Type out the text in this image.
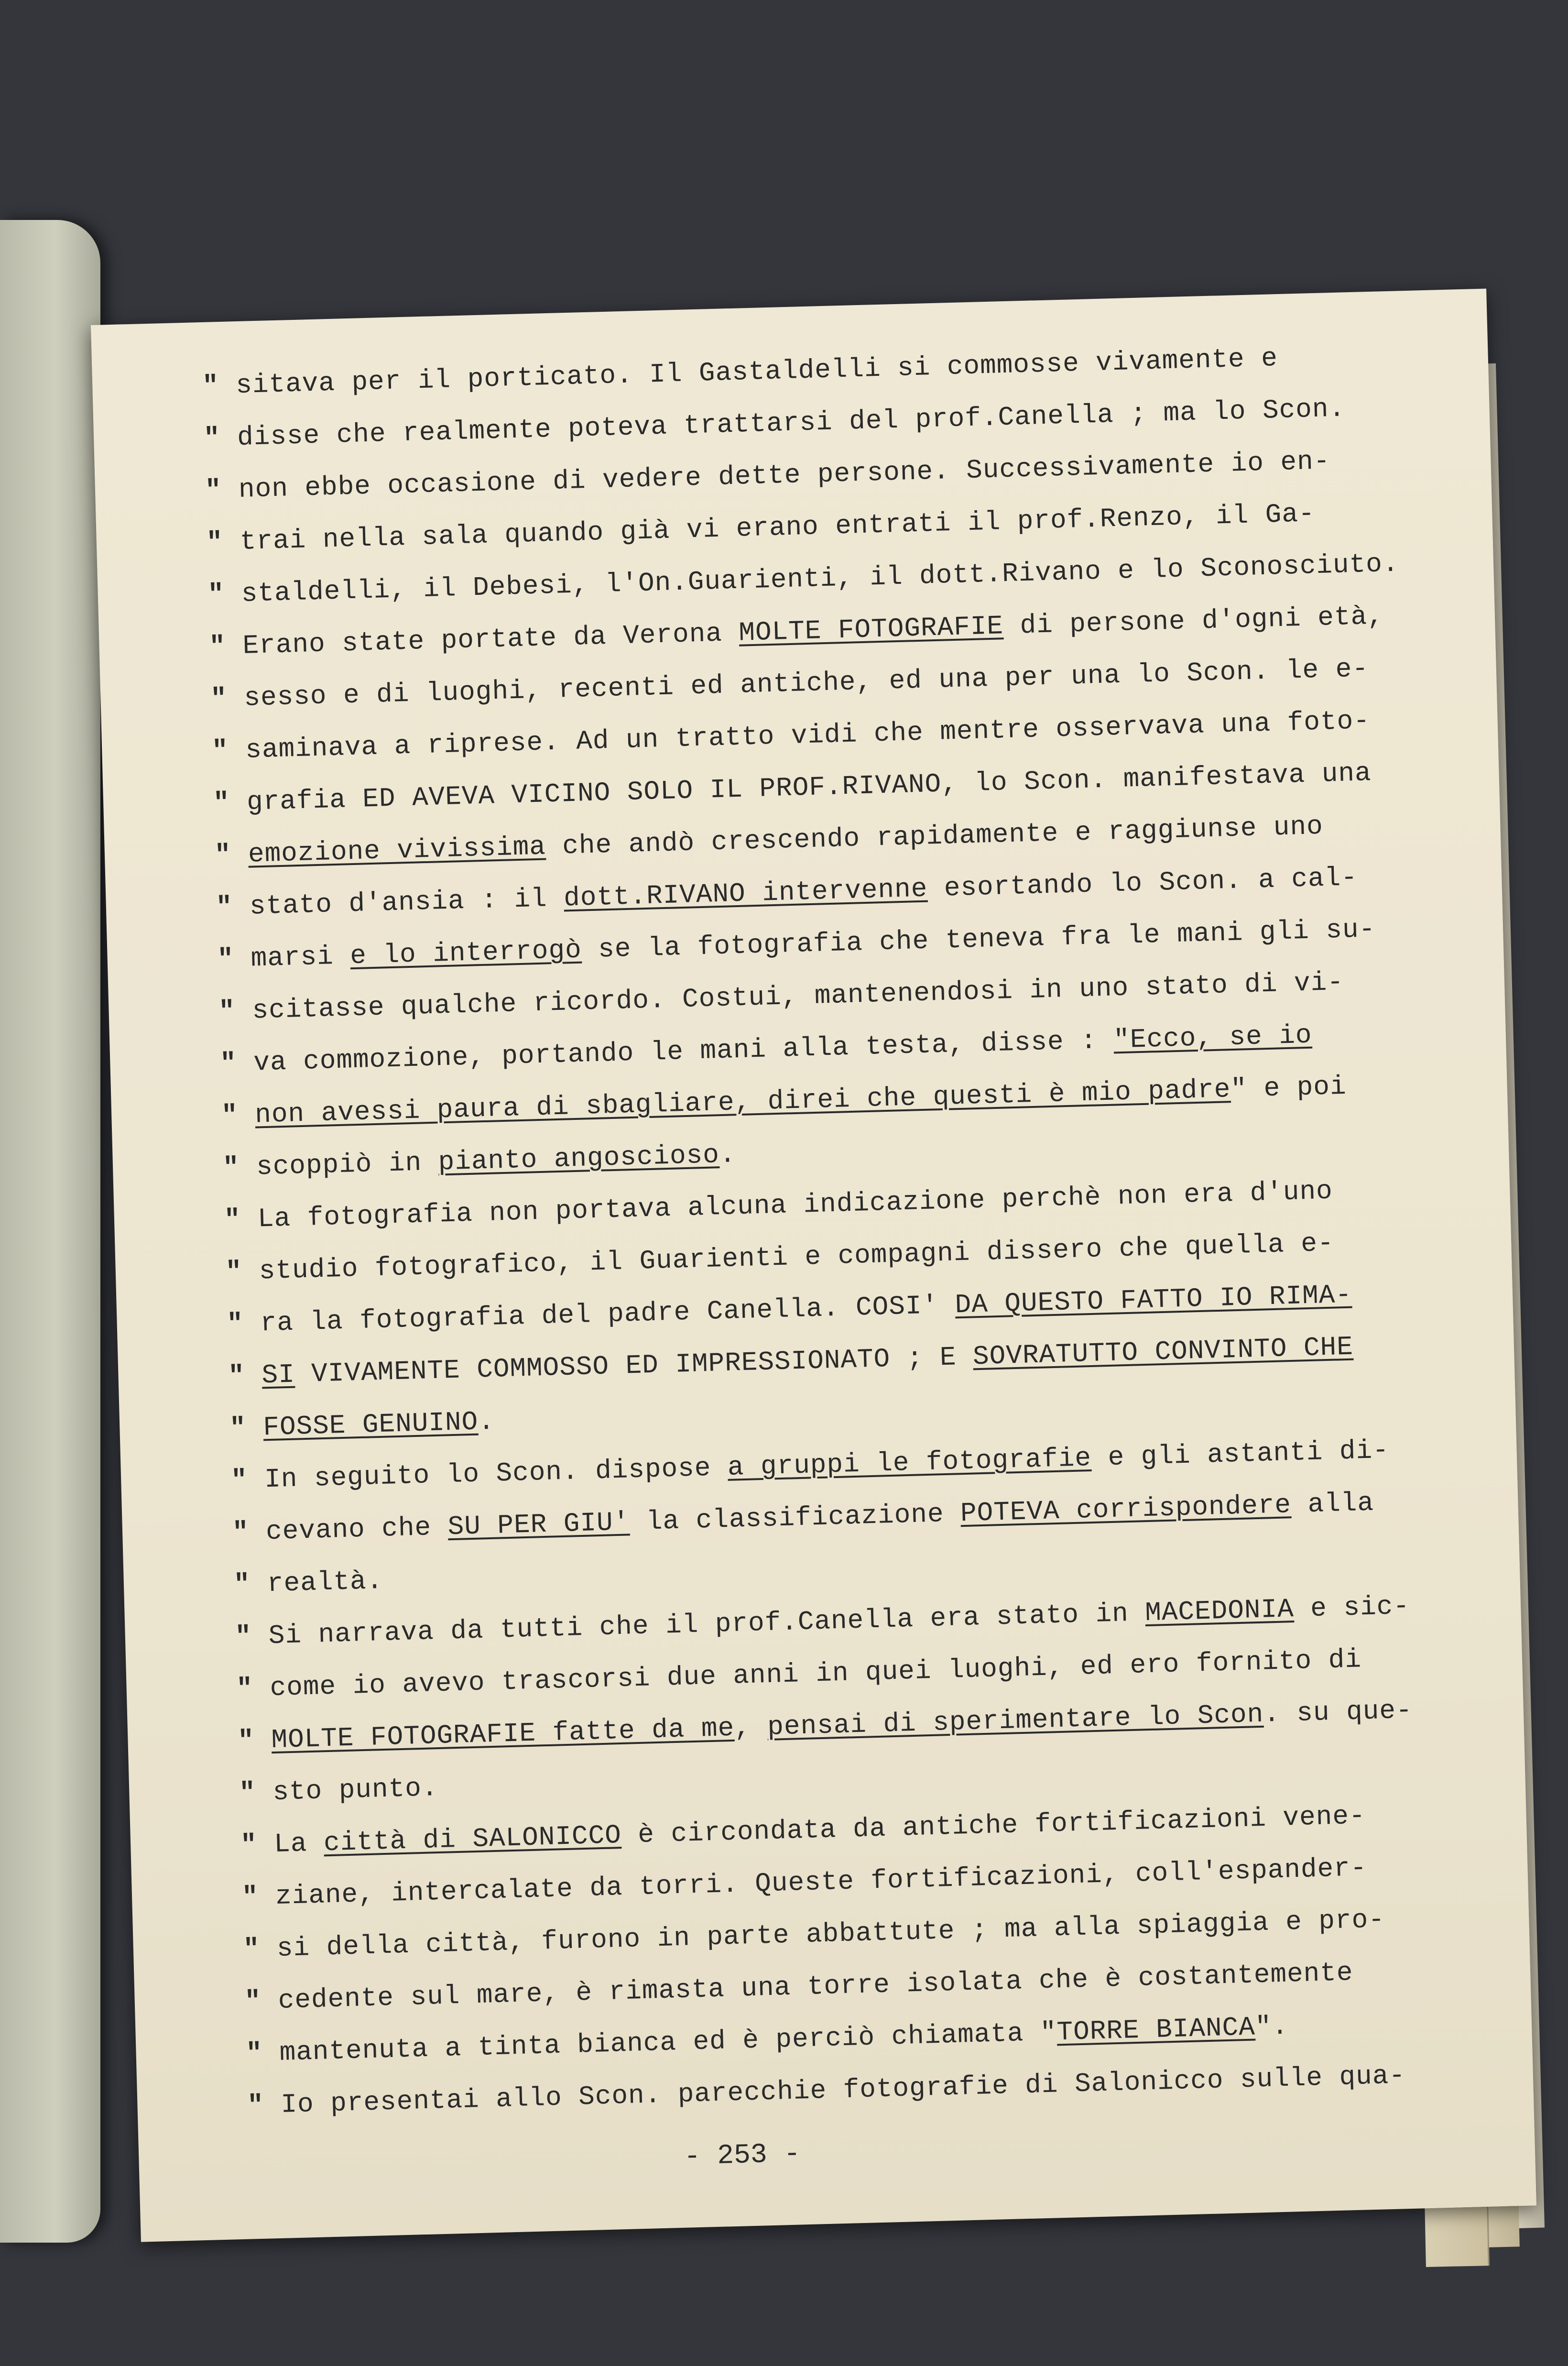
" sitava per il porticato. Il Gastaldelli si commosse vivamente e
" disse che realmente poteva trattarsi del prof.Canella ; ma lo Scon.
" non ebbe occasione di vedere dette persone. Successivamente io en-
" trai nella sala quando già vi erano entrati il prof.Renzo, il Ga-
" staldelli, il Debesi, l'On.Guarienti, il dott.Rivano e lo Sconosciuto.
" Erano state portate da Verona MOLTE FOTOGRAFIE di persone d'ogni età,
" sesso e di luoghi, recenti ed antiche, ed una per una lo Scon. le e-
" saminava a riprese. Ad un tratto vidi che mentre osservava una foto-
" grafia ED AVEVA VICINO SOLO IL PROF.RIVANO, lo Scon. manifestava una
" emozione vivissima che andò crescendo rapidamente e raggiunse uno
" stato d'ansia : il dott.RIVANO intervenne esortando lo Scon. a cal-
" marsi e lo interrogò se la fotografia che teneva fra le mani gli su-
" scitasse qualche ricordo. Costui, mantenendosi in uno stato di vi-
" va commozione, portando le mani alla testa, disse : "Ecco, se io
" non avessi paura di sbagliare, direi che questi è mio padre" e poi
" scoppiò in pianto angoscioso.
" La fotografia non portava alcuna indicazione perchè non era d'uno
" studio fotografico, il Guarienti e compagni dissero che quella e-
" ra la fotografia del padre Canella. COSI' DA QUESTO FATTO IO RIMA-
" SI VIVAMENTE COMMOSSO ED IMPRESSIONATO ; E SOVRATUTTO CONVINTO CHE
" FOSSE GENUINO.
" In seguito lo Scon. dispose a gruppi le fotografie e gli astanti di-
" cevano che SU PER GIU' la classificazione POTEVA corrispondere alla
" realtà.
" Si narrava da tutti che il prof.Canella era stato in MACEDONIA e sic-
" come io avevo trascorsi due anni in quei luoghi, ed ero fornito di
" MOLTE FOTOGRAFIE fatte da me, pensai di sperimentare lo Scon. su que-
" sto punto.
" La città di SALONICCO è circondata da antiche fortificazioni vene-
" ziane, intercalate da torri. Queste fortificazioni, coll'espander-
" si della città, furono in parte abbattute ; ma alla spiaggia e pro-
" cedente sul mare, è rimasta una torre isolata che è costantemente
" mantenuta a tinta bianca ed è perciò chiamata "TORRE BIANCA".
" Io presentai allo Scon. parecchie fotografie di Salonicco sulle qua-
- 253 -
